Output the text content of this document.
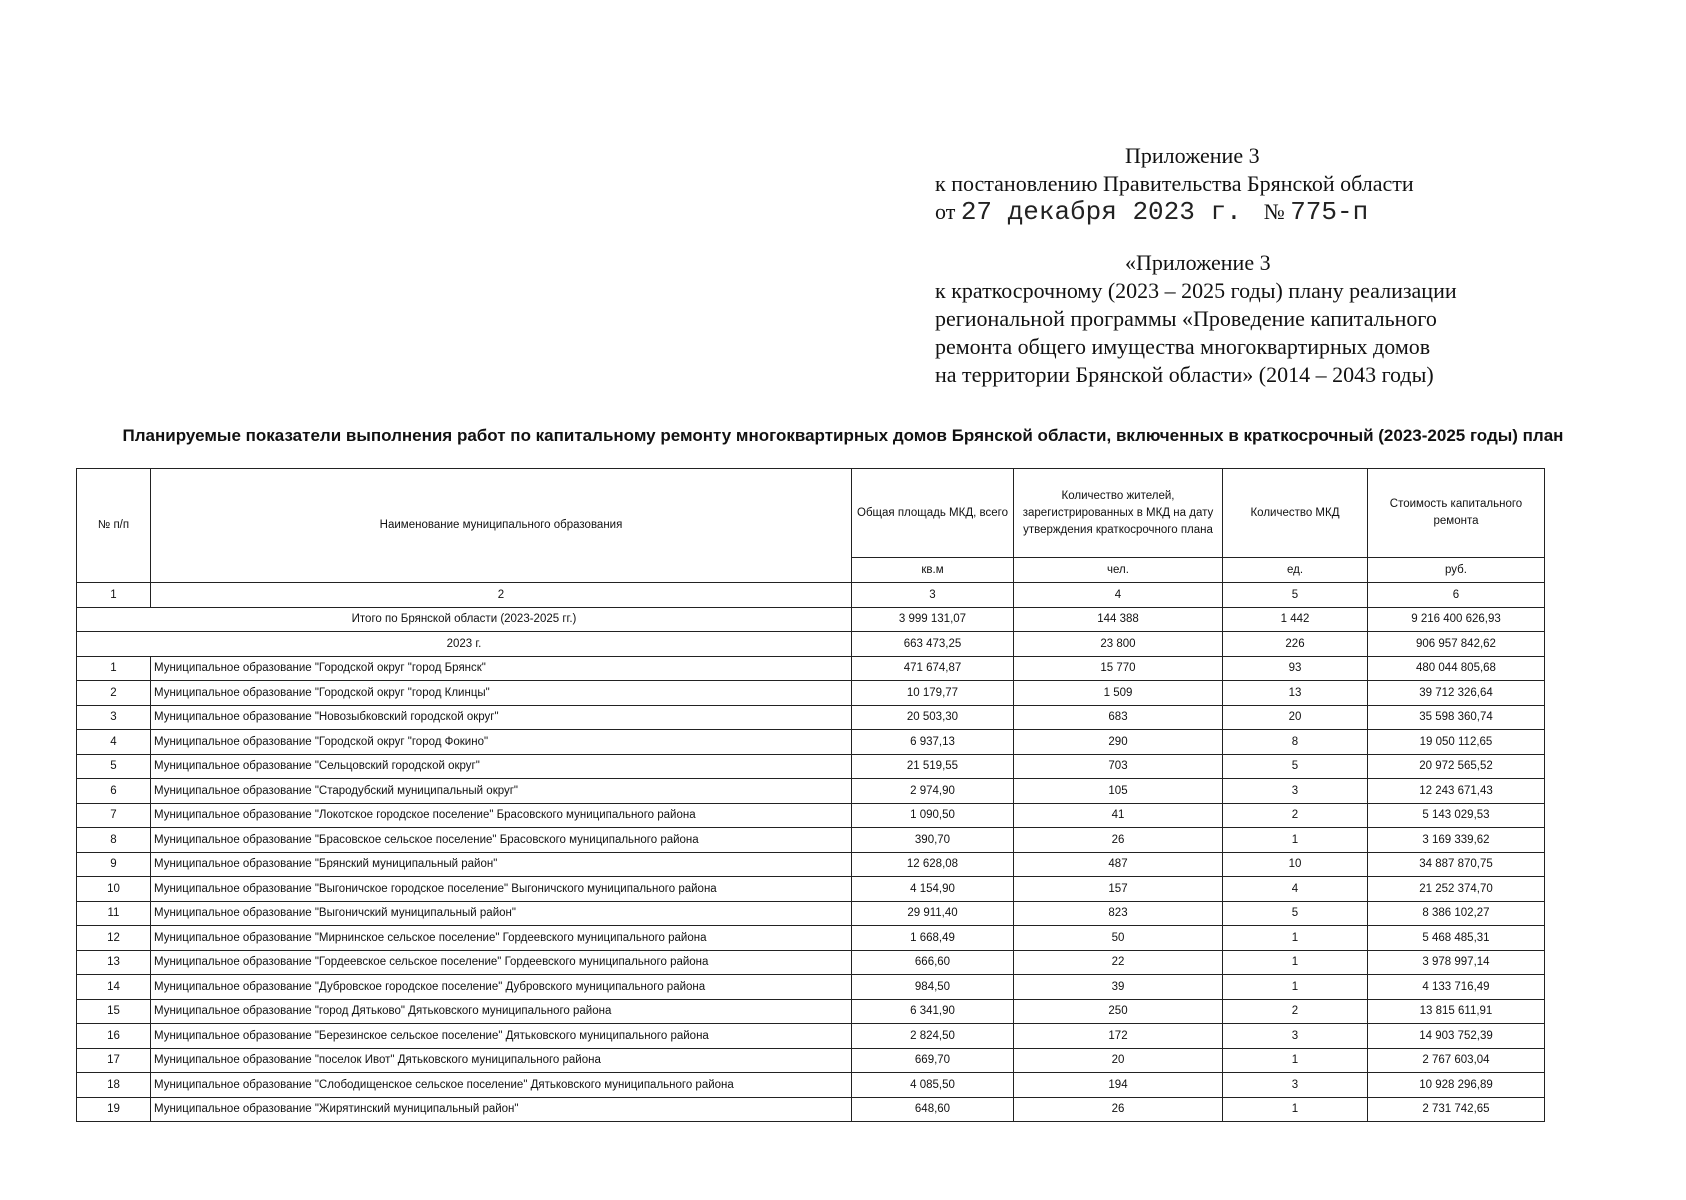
Приложение 3
к постановлению Правительства Брянской области
от 27 декабря 2023 г. № 775-п
«Приложение 3
к краткосрочному (2023 – 2025 годы) плану реализации
региональной программы «Проведение капитального
ремонта общего имущества многоквартирных домов
на территории Брянской области» (2014 – 2043 годы)
Планируемые показатели выполнения работ по капитальному ремонту многоквартирных домов Брянской области, включенных в краткосрочный (2023-2025 годы) план
№ п/п	Наименование муниципального образования	Общая площадь МКД, всего	Количество жителей, зарегистрированных в МКД на дату утверждения краткосрочного плана	Количество МКД	Стоимость капитального ремонта
		кв.м	чел.	ед.	руб.
1	2	3	4	5	6
Итого по Брянской области (2023-2025 гг.)		3 999 131,07	144 388	1 442	9 216 400 626,93
2023 г.		663 473,25	23 800	226	906 957 842,62
1	Муниципальное образование "Городской округ "город Брянск"	471 674,87	15 770	93	480 044 805,68
2	Муниципальное образование "Городской округ "город Клинцы"	10 179,77	1 509	13	39 712 326,64
3	Муниципальное образование "Новозыбковский городской округ"	20 503,30	683	20	35 598 360,74
4	Муниципальное образование "Городской округ "город Фокино"	6 937,13	290	8	19 050 112,65
5	Муниципальное образование "Сельцовский городской округ"	21 519,55	703	5	20 972 565,52
6	Муниципальное образование "Стародубский муниципальный округ"	2 974,90	105	3	12 243 671,43
7	Муниципальное образование "Локотское городское поселение" Брасовского муниципального района	1 090,50	41	2	5 143 029,53
8	Муниципальное образование "Брасовское сельское поселение" Брасовского муниципального района	390,70	26	1	3 169 339,62
9	Муниципальное образование "Брянский муниципальный район"	12 628,08	487	10	34 887 870,75
10	Муниципальное образование "Выгоничское городское поселение" Выгоничского муниципального района	4 154,90	157	4	21 252 374,70
11	Муниципальное образование "Выгоничский муниципальный район"	29 911,40	823	5	8 386 102,27
12	Муниципальное образование "Мирнинское сельское поселение" Гордеевского муниципального района	1 668,49	50	1	5 468 485,31
13	Муниципальное образование "Гордеевское сельское поселение" Гордеевского муниципального района	666,60	22	1	3 978 997,14
14	Муниципальное образование "Дубровское городское поселение" Дубровского муниципального района	984,50	39	1	4 133 716,49
15	Муниципальное образование "город Дятьково" Дятьковского муниципального района	6 341,90	250	2	13 815 611,91
16	Муниципальное образование "Березинское сельское поселение" Дятьковского муниципального района	2 824,50	172	3	14 903 752,39
17	Муниципальное образование "поселок Ивот" Дятьковского муниципального района	669,70	20	1	2 767 603,04
18	Муниципальное образование "Слободищенское сельское поселение" Дятьковского муниципального района	4 085,50	194	3	10 928 296,89
19	Муниципальное образование "Жирятинский муниципальный район"	648,60	26	1	2 731 742,65
